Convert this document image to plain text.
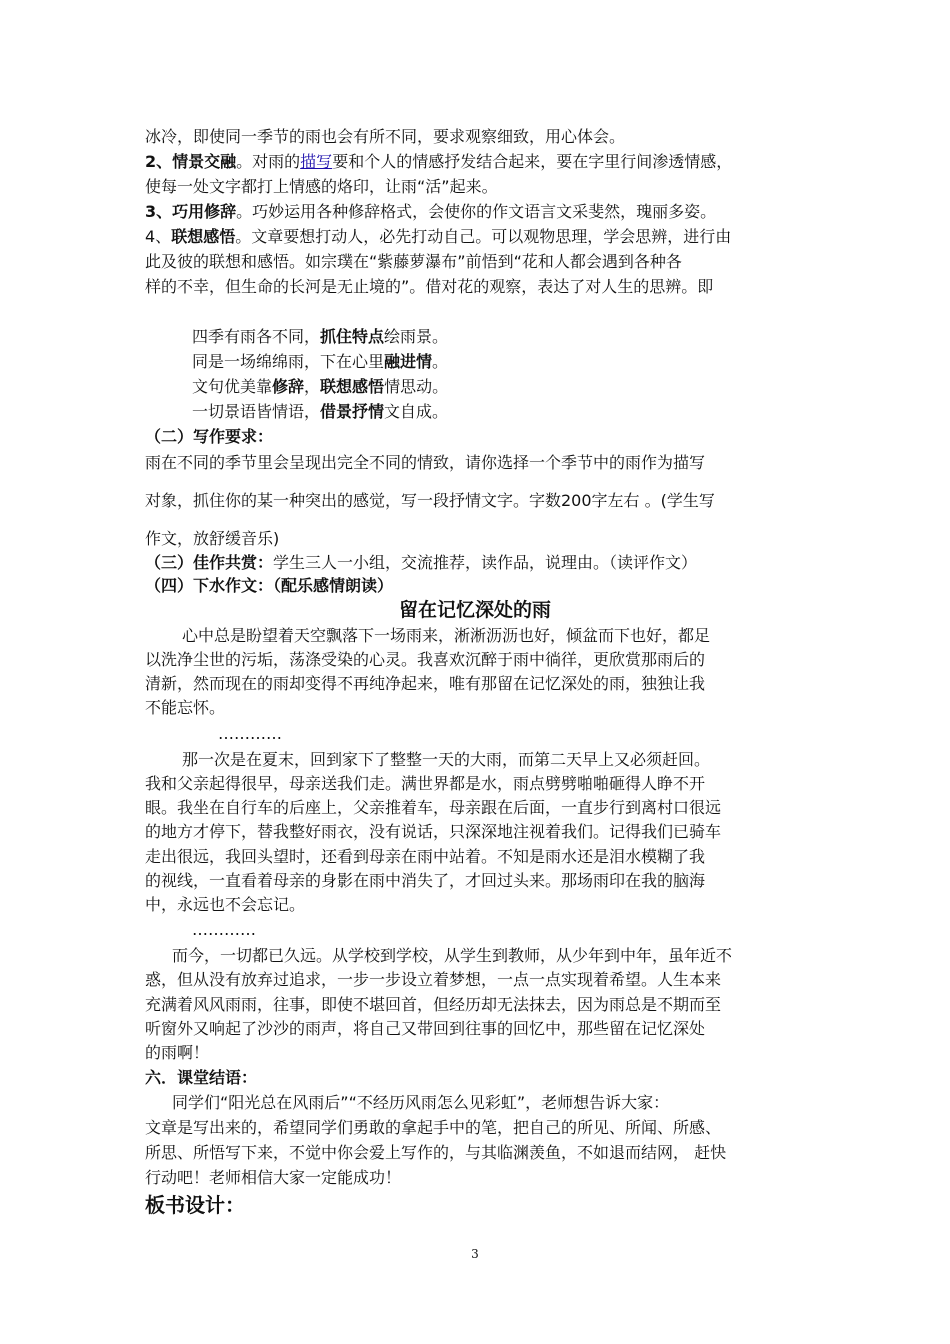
冰冷，即使同一季节的雨也会有所不同，要求观察细致，用心体会。
2、情景交融。对雨的描写要和个人的情感抒发结合起来，要在字里行间渗透情感，
使每一处文字都打上情感的烙印，让雨“活”起来。
3、巧用修辞。巧妙运用各种修辞格式，会使你的作文语言文采斐然，瑰丽多姿。
4、联想感悟。文章要想打动人，必先打动自己。可以观物思理，学会思辨，进行由
此及彼的联想和感悟。如宗璞在“紫藤萝瀑布”前悟到“花和人都会遇到各种各
样的不幸，但生命的长河是无止境的”。借对花的观察，表达了对人生的思辨。即
四季有雨各不同，抓住特点绘雨景。
同是一场绵绵雨，下在心里融进情。
文句优美靠修辞，联想感悟情思动。
一切景语皆情语，借景抒情文自成。
（二）写作要求：
雨在不同的季节里会呈现出完全不同的情致，请你选择一个季节中的雨作为描写
对象，抓住你的某一种突出的感觉，写一段抒情文字。字数200字左右 。(学生写
作文，放舒缓音乐)
（三）佳作共赏：学生三人一小组，交流推荐，读作品，说理由。（读评作文）
（四）下水作文：（配乐感情朗读）
留在记忆深处的雨
心中总是盼望着天空飘落下一场雨来，淅淅沥沥也好，倾盆而下也好，都足
以洗净尘世的污垢，荡涤受染的心灵。我喜欢沉醉于雨中徜徉，更欣赏那雨后的
清新，然而现在的雨却变得不再纯净起来，唯有那留在记忆深处的雨，独独让我
不能忘怀。
…………
那一次是在夏末，回到家下了整整一天的大雨，而第二天早上又必须赶回。
我和父亲起得很早，母亲送我们走。满世界都是水，雨点劈劈啪啪砸得人睁不开
眼。我坐在自行车的后座上，父亲推着车，母亲跟在后面，一直步行到离村口很远
的地方才停下，替我整好雨衣，没有说话，只深深地注视着我们。记得我们已骑车
走出很远，我回头望时，还看到母亲在雨中站着。不知是雨水还是泪水模糊了我
的视线，一直看着母亲的身影在雨中消失了，才回过头来。那场雨印在我的脑海
中，永远也不会忘记。
…………
而今，一切都已久远。从学校到学校，从学生到教师，从少年到中年，虽年近不
惑，但从没有放弃过追求，一步一步设立着梦想，一点一点实现着希望。人生本来
充满着风风雨雨，往事，即使不堪回首，但经历却无法抹去，因为雨总是不期而至
听窗外又响起了沙沙的雨声，将自己又带回到往事的回忆中，那些留在记忆深处
的雨啊！
六．课堂结语：
同学们“阳光总在风雨后”“不经历风雨怎么见彩虹”，老师想告诉大家：
文章是写出来的，希望同学们勇敢的拿起手中的笔，把自己的所见、所闻、所感、
所思、所悟写下来，不觉中你会爱上写作的，与其临渊羡鱼，不如退而结网， 赶快
行动吧！老师相信大家一定能成功！
板书设计：
3
